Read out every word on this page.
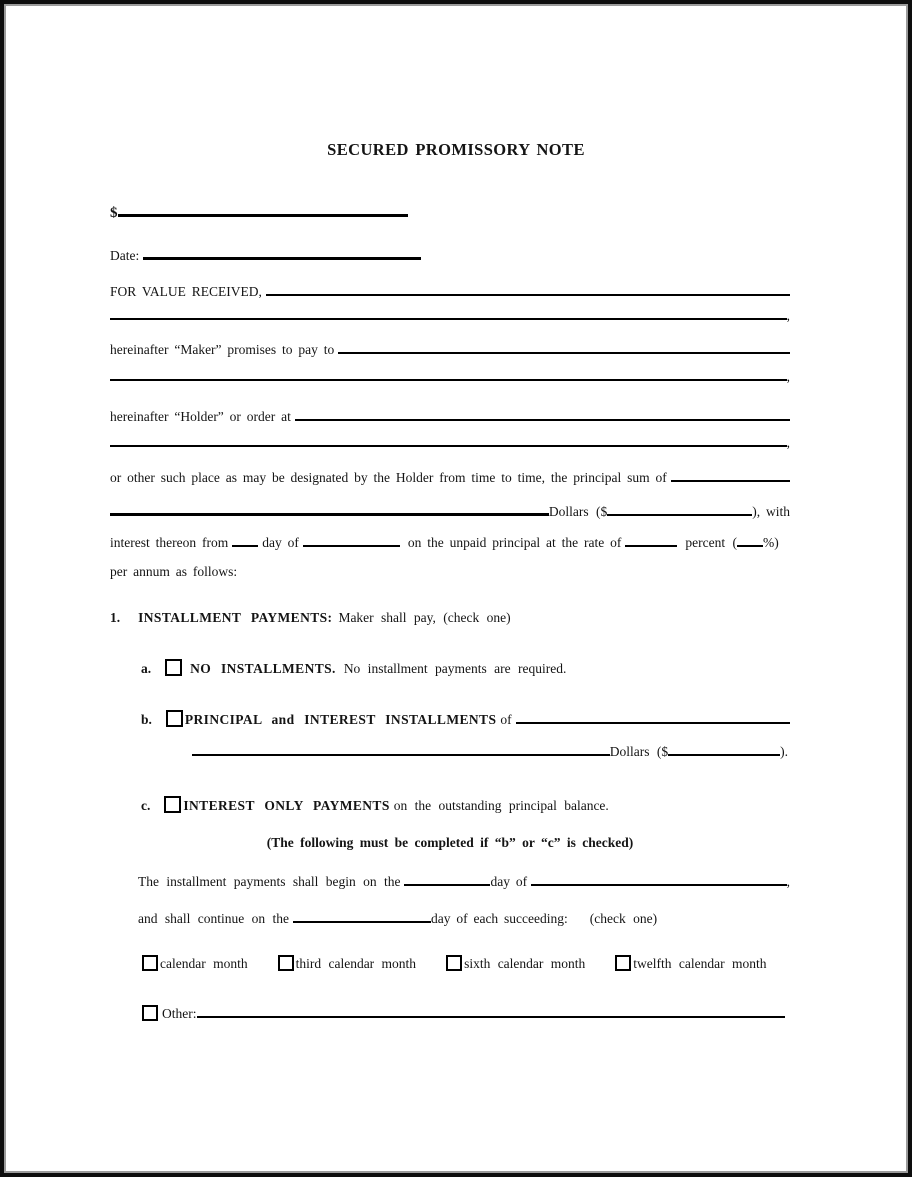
SECURED PROMISSORY NOTE
$
Date:
FOR VALUE RECEIVED,
,
hereinafter “Maker” promises to pay to
,
hereinafter “Holder” or order at
,
or other such place as may be designated by the Holder from time to time, the principal sum of
Dollars ($	), with
interest thereon from	day of	on the unpaid principal at the rate of	percent ( %)
per annum as follows:
1. INSTALLMENT PAYMENTS: Maker shall pay, (check one)
a.	NO INSTALLMENTS. No installment payments are required.
b. PRINCIPAL and INTEREST INSTALLMENTS of
Dollars ($	).
c. INTEREST ONLY PAYMENTS on the outstanding principal balance.
(The following must be completed if “b” or “c” is checked)
The installment payments shall begin on the	day of	,
and shall continue on the	day of each succeeding: (check one)
calendar month	third calendar month	sixth calendar month	twelfth calendar month
Other:
